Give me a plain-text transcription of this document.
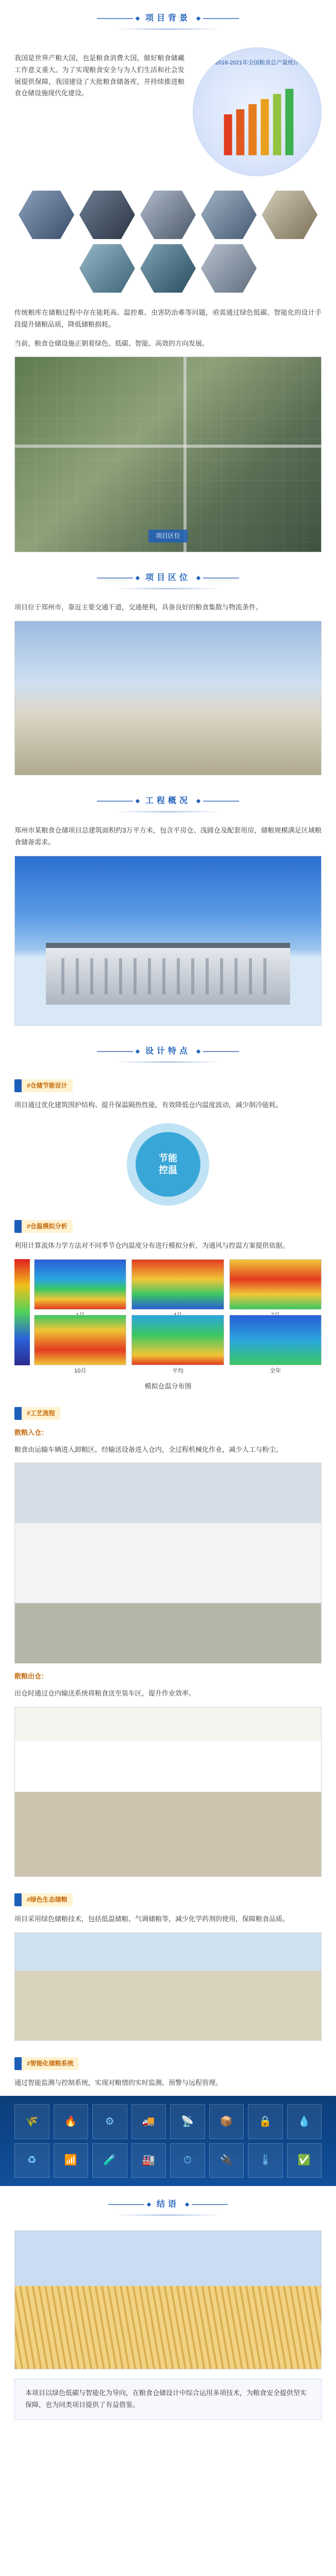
项目背景

我国是世界产粮大国，也是粮食消费大国，做好粮食储藏工作意义重大。为了实现粮食安全与为人们生活和社会发展提供保障，我国建设了大批粮食储备库，并持续推进粮食仓储设施现代化建设。

2016-2021年全国粮食总产量统计

传统粮库在储粮过程中存在能耗高、温控难、虫害防治难等问题，亟需通过绿色低碳、智能化的设计手段提升储粮品质，降低储粮损耗。

当前，粮食仓储设施正朝着绿色、低碳、智能、高效的方向发展。

项目区位
项目区位

项目位于郑州市，靠近主要交通干道，交通便利，具备良好的粮食集散与物流条件。

工程概况

郑州市某粮食仓储项目总建筑面积约3万平方米，包含平房仓、浅圆仓及配套用房，储粮规模满足区域粮食储备需求。

设计特点
#仓储节能设计

项目通过优化建筑围护结构、提升保温隔热性能，有效降低仓内温度波动，减少制冷能耗。

节能
控温
#仓温模拟分析

利用计算流体力学方法对不同季节仓内温度分布进行模拟分析，为通风与控温方案提供依据。

10月	平均	全年
模拟仓温分布图
#工艺流程
散粮入仓：

粮食由运输车辆进入卸粮区，经输送设备进入仓内，全过程机械化作业，减少人工与粉尘。

散粮出仓：

出仓时通过仓内输送系统将粮食送至装车区，提升作业效率。

#绿色生态储粮

项目采用绿色储粮技术，包括低温储粮、气调储粮等，减少化学药剂的使用，保障粮食品质。

#智能化储粮系统

通过智能监测与控制系统，实现对粮情的实时监测、预警与远程管理。

🌾	🔥	⚙	🚚	📡	📦	🔒	💧
♻	📶	🧪	🏭	⏱	🔌	🌡	✅
结语

本项目以绿色低碳与智能化为导向，在粮食仓储设计中综合运用多项技术，为粮食安全提供坚实保障，也为同类项目提供了有益借鉴。
